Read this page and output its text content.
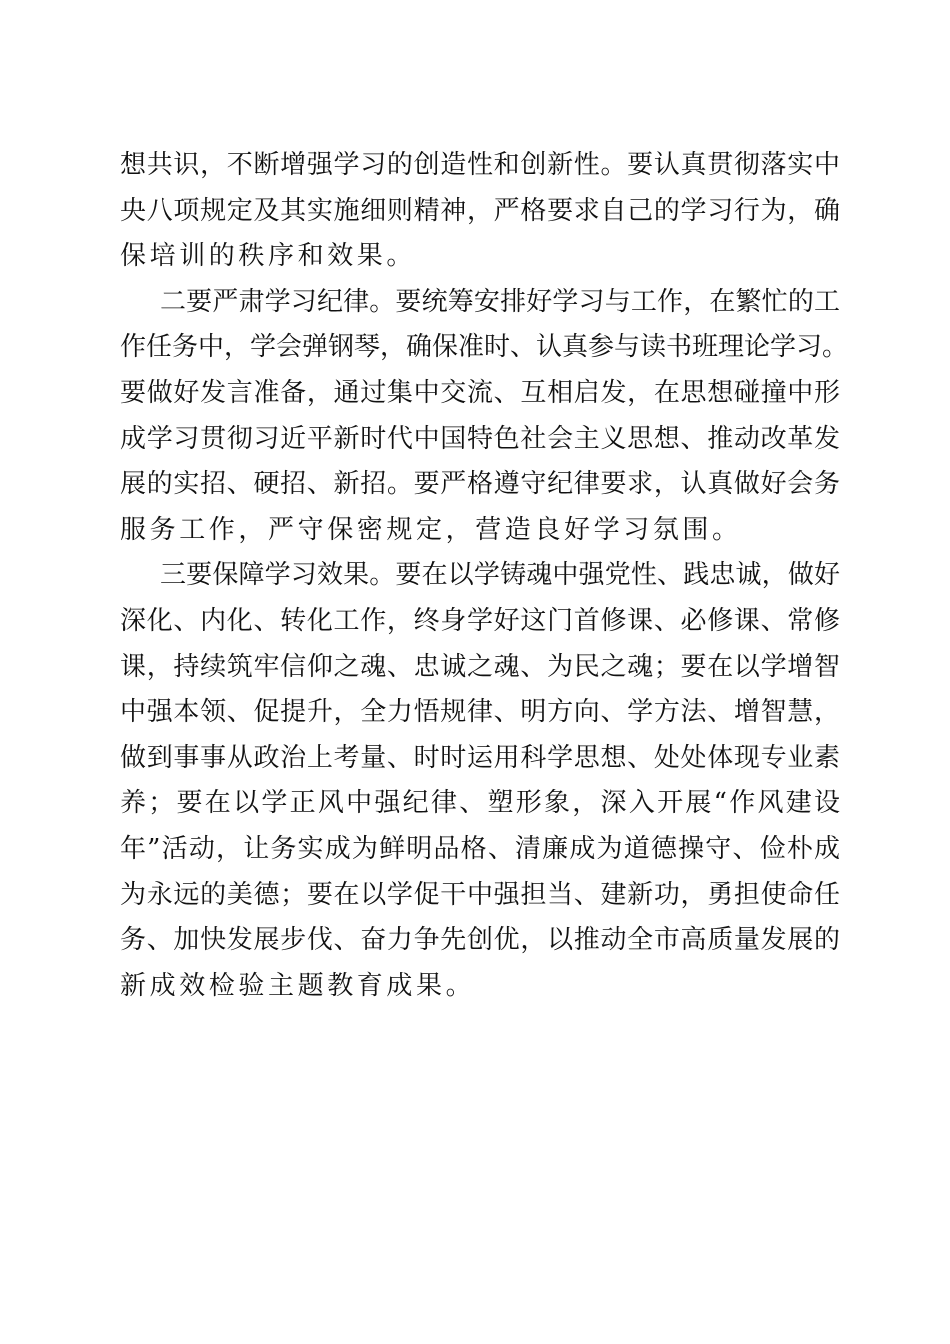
想共识，不断增强学习的创造性和创新性。要认真贯彻落实中
央八项规定及其实施细则精神，严格要求自己的学习行为，确
保培训的秩序和效果。
二要严肃学习纪律。要统筹安排好学习与工作，在繁忙的工
作任务中，学会弹钢琴，确保准时、认真参与读书班理论学习。
要做好发言准备，通过集中交流、互相启发，在思想碰撞中形
成学习贯彻习近平新时代中国特色社会主义思想、推动改革发
展的实招、硬招、新招。要严格遵守纪律要求，认真做好会务
服务工作，严守保密规定，营造良好学习氛围。
三要保障学习效果。要在以学铸魂中强党性、践忠诚，做好
深化、内化、转化工作，终身学好这门首修课、必修课、常修
课，持续筑牢信仰之魂、忠诚之魂、为民之魂；要在以学增智
中强本领、促提升，全力悟规律、明方向、学方法、增智慧，
做到事事从政治上考量、时时运用科学思想、处处体现专业素
养；要在以学正风中强纪律、塑形象，深入开展“作风建设
年”活动，让务实成为鲜明品格、清廉成为道德操守、俭朴成
为永远的美德；要在以学促干中强担当、建新功，勇担使命任
务、加快发展步伐、奋力争先创优，以推动全市高质量发展的
新成效检验主题教育成果。
